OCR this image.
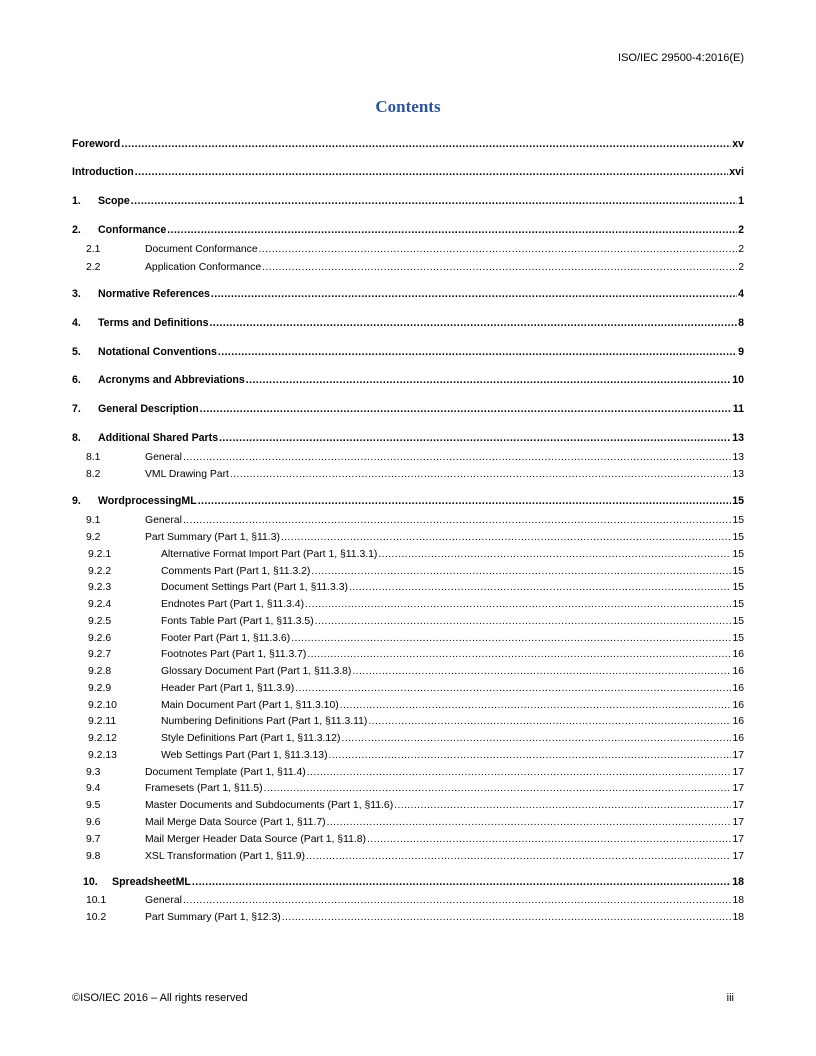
ISO/IEC 29500-4:2016(E)
Contents
Foreword .....	xv
Introduction .....	xvi
1. Scope .....	1
2. Conformance .....	2
2.1	Document Conformance .....	2
2.2	Application Conformance .....	2
3. Normative References .....	4
4. Terms and Definitions .....	8
5. Notational Conventions .....	9
6. Acronyms and Abbreviations .....	10
7. General Description .....	11
8. Additional Shared Parts .....	13
8.1	General .....	13
8.2	VML Drawing Part .....	13
9. WordprocessingML .....	15
9.1	General .....	15
9.2	Part Summary (Part 1, §11.3) .....	15
9.2.1	Alternative Format Import Part (Part 1, §11.3.1) .....	15
9.2.2	Comments Part (Part 1, §11.3.2) .....	15
9.2.3	Document Settings Part (Part 1, §11.3.3) .....	15
9.2.4	Endnotes Part (Part 1, §11.3.4) .....	15
9.2.5	Fonts Table Part (Part 1, §11.3.5) .....	15
9.2.6	Footer Part (Part 1, §11.3.6) .....	15
9.2.7	Footnotes Part (Part 1, §11.3.7) .....	16
9.2.8	Glossary Document Part (Part 1, §11.3.8) .....	16
9.2.9	Header Part (Part 1, §11.3.9) .....	16
9.2.10	Main Document Part (Part 1, §11.3.10) .....	16
9.2.11	Numbering Definitions Part (Part 1, §11.3.11) .....	16
9.2.12	Style Definitions Part (Part 1, §11.3.12) .....	16
9.2.13	Web Settings Part (Part 1, §11.3.13) .....	17
9.3	Document Template (Part 1, §11.4) .....	17
9.4	Framesets (Part 1, §11.5) .....	17
9.5	Master Documents and Subdocuments (Part 1, §11.6) .....	17
9.6	Mail Merge Data Source (Part 1, §11.7) .....	17
9.7	Mail Merger Header Data Source (Part 1, §11.8) .....	17
9.8	XSL Transformation (Part 1, §11.9) .....	17
10. SpreadsheetML .....	18
10.1	General .....	18
10.2	Part Summary (Part 1, §12.3) .....	18
©ISO/IEC 2016 – All rights reserved	iii
